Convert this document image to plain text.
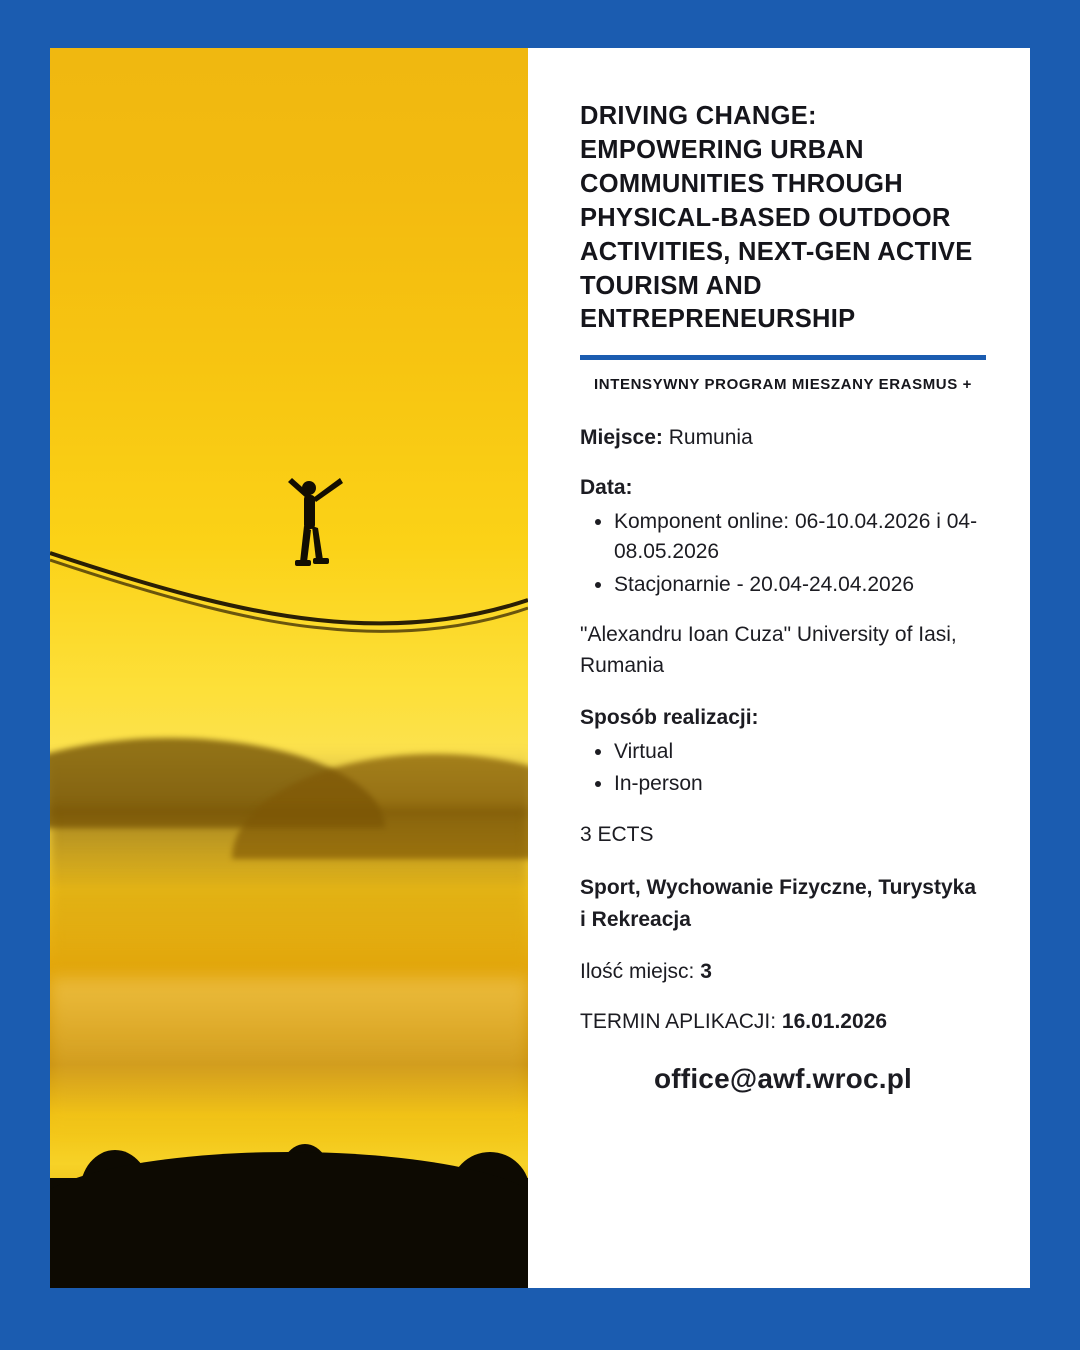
DRIVING CHANGE: EMPOWERING URBAN COMMUNITIES THROUGH PHYSICAL-BASED OUTDOOR ACTIVITIES, NEXT-GEN ACTIVE TOURISM AND ENTREPRENEURSHIP
INTENSYWNY PROGRAM MIESZANY ERASMUS +
Miejsce: Rumunia
Data:
• Komponent online: 06-10.04.2026 i 04-08.05.2026
• Stacjonarnie - 20.04-24.04.2026
"Alexandru Ioan Cuza" University of Iasi, Rumania
Sposób realizacji:
• Virtual
• In-person
3 ECTS
Sport, Wychowanie Fizyczne, Turystyka i Rekreacja
Ilość miejsc: 3
TERMIN APLIKACJI: 16.01.2026
office@awf.wroc.pl
